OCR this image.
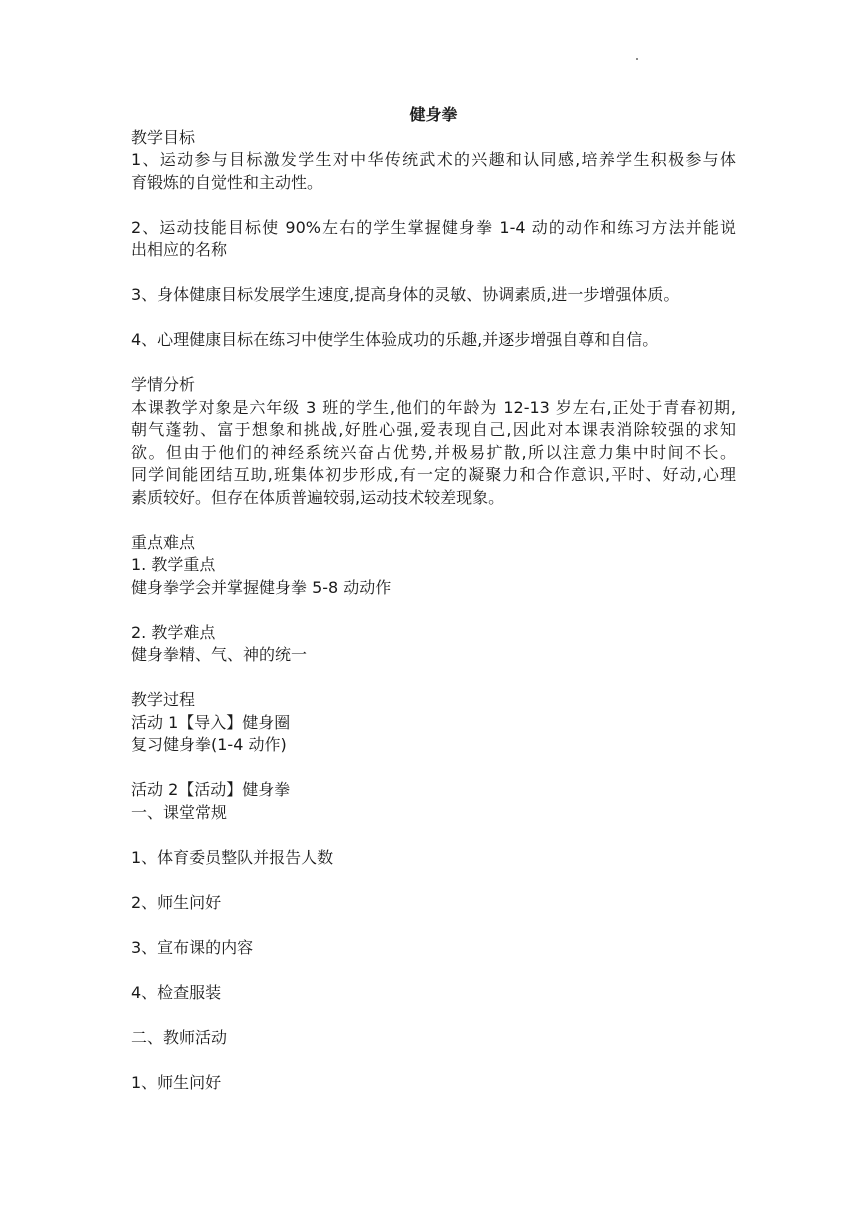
健身拳
教学目标
1、运动参与目标激发学生对中华传统武术的兴趣和认同感,培养学生积极参与体
育锻炼的自觉性和主动性。
2、运动技能目标使 90%左右的学生掌握健身拳 1-4 动的动作和练习方法并能说
出相应的名称
3、身体健康目标发展学生速度,提高身体的灵敏、协调素质,进一步增强体质。
4、心理健康目标在练习中使学生体验成功的乐趣,并逐步增强自尊和自信。
学情分析
本课教学对象是六年级 3 班的学生,他们的年龄为 12-13 岁左右,正处于青春初期,
朝气蓬勃、富于想象和挑战,好胜心强,爱表现自己,因此对本课表消除较强的求知
欲。但由于他们的神经系统兴奋占优势,并极易扩散,所以注意力集中时间不长。
同学间能团结互助,班集体初步形成,有一定的凝聚力和合作意识,平时、好动,心理
素质较好。但存在体质普遍较弱,运动技术较差现象。
重点难点
1. 教学重点
健身拳学会并掌握健身拳 5-8 动动作
2. 教学难点
健身拳精、气、神的统一
教学过程
活动 1【导入】健身圈
复习健身拳(1-4 动作)
活动 2【活动】健身拳
一、课堂常规
1、体育委员整队并报告人数
2、师生问好
3、宣布课的内容
4、检查服装
二、教师活动
1、师生问好
